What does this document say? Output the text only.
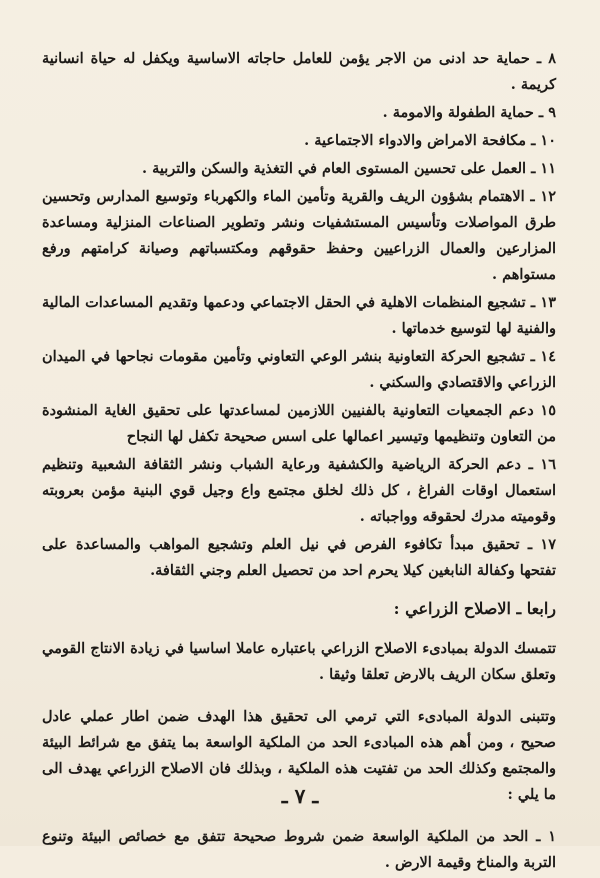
٨ ـ حماية حد ادنى من الاجر يؤمن للعامل حاجاته الاساسية ويكفل له حياة انسانية كريمة .

٩ ـ حماية الطفولة والامومة .

١٠ ـ مكافحة الامراض والادواء الاجتماعية .

١١ ـ العمل على تحسين المستوى العام في التغذية والسكن والتربية .

١٢ ـ الاهتمام بشؤون الريف والقرية وتأمين الماء والكهرباء وتوسيع المدارس وتحسين طرق المواصلات وتأسيس المستشفيات ونشر وتطوير الصناعات المنزلية ومساعدة المزارعين والعمال الزراعيين وحفظ حقوقهم ومكتسباتهم وصيانة كرامتهم ورفع مستواهم .

١٣ ـ تشجيع المنظمات الاهلية في الحقل الاجتماعي ودعمها وتقديم المساعدات المالية والفنية لها لتوسيع خدماتها .

١٤ ـ تشجيع الحركة التعاونية بنشر الوعي التعاوني وتأمين مقومات نجاحها في الميدان الزراعي والاقتصادي والسكني .

١٥ دعم الجمعيات التعاونية بالفنيين اللازمين لمساعدتها على تحقيق الغاية المنشودة من التعاون وتنظيمها وتيسير اعمالها على اسس صحيحة تكفل لها النجاح

١٦ ـ دعم الحركة الرياضية والكشفية ورعاية الشباب ونشر الثقافة الشعبية وتنظيم استعمال اوقات الفراغ ، كل ذلك لخلق مجتمع واع وجيل قوي البنية مؤمن بعروبته وقوميته مدرك لحقوقه وواجباته .

١٧ ـ تحقيق مبدأ تكافوء الفرص في نيل العلم وتشجيع المواهب والمساعدة على تفتحها وكفالة النابغين كيلا يحرم احد من تحصيل العلم وجني الثقافة.

رابعا ـ الاصلاح الزراعي :

تتمسك الدولة بمبادىء الاصلاح الزراعي باعتباره عاملا اساسيا في زيادة الانتاج القومي وتعلق سكان الريف بالارض تعلقا وثيقا .

وتتبنى الدولة المبادىء التي ترمي الى تحقيق هذا الهدف ضمن اطار عملي عادل صحيح ، ومن أهم هذه المبادىء الحد من الملكية الواسعة بما يتفق مع شرائط البيئة والمجتمع وكذلك الحد من تفتيت هذه الملكية ، وبذلك فان الاصلاح الزراعي يهدف الى ما يلي :

١ ـ الحد من الملكية الواسعة ضمن شروط صحيحة تتفق مع خصائص البيئة وتنوع التربة والمناخ وقيمة الارض .

ـ ٧ ـ
